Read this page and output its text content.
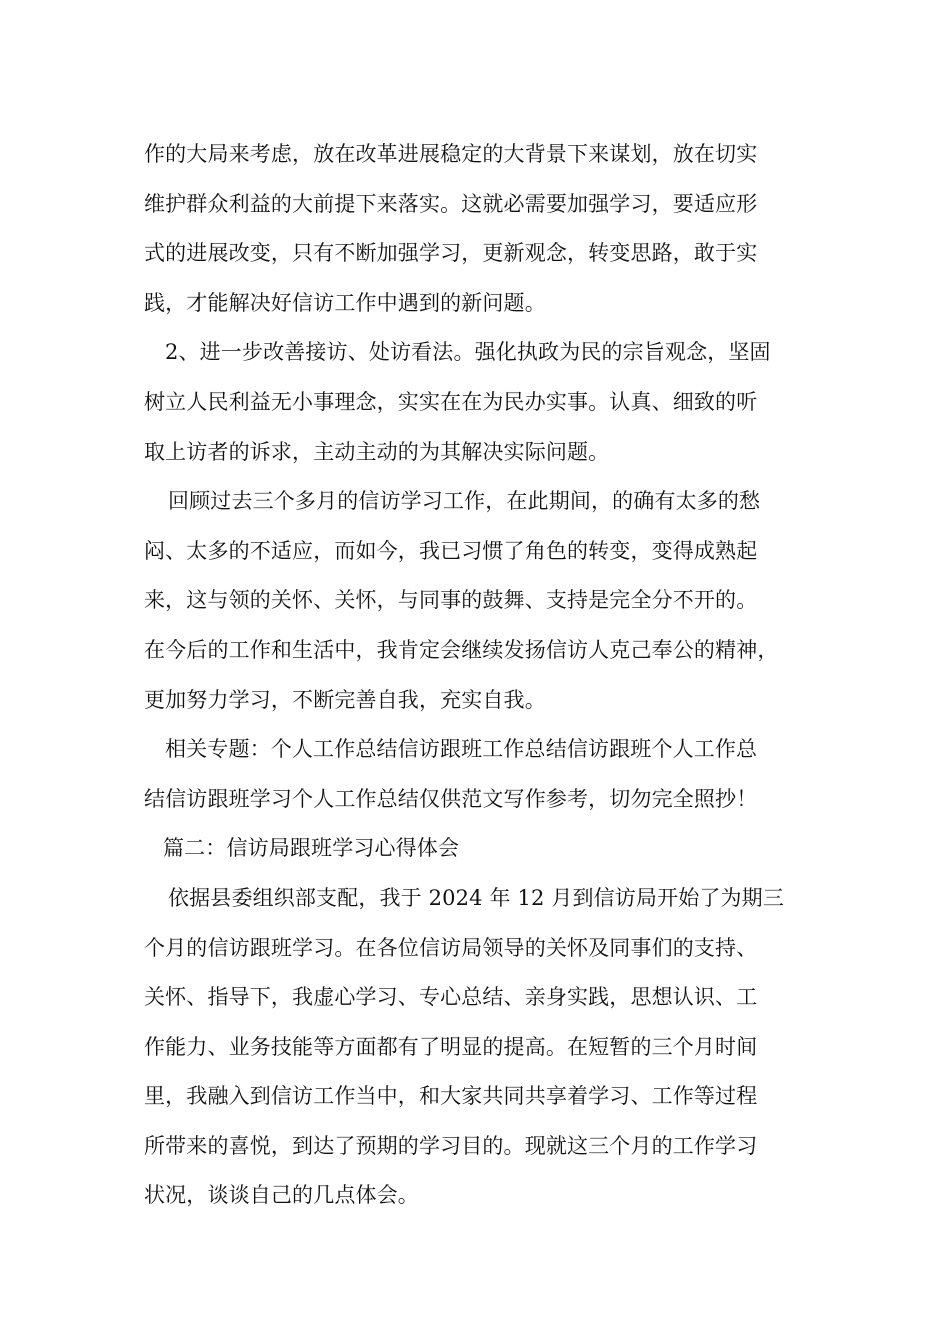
作的大局来考虑，放在改革进展稳定的大背景下来谋划，放在切实
维护群众利益的大前提下来落实。这就必需要加强学习，要适应形
式的进展改变，只有不断加强学习，更新观念，转变思路，敢于实
践，才能解决好信访工作中遇到的新问题。
2、进一步改善接访、处访看法。强化执政为民的宗旨观念，坚固
树立人民利益无小事理念，实实在在为民办实事。认真、细致的听
取上访者的诉求，主动主动的为其解决实际问题。
回顾过去三个多月的信访学习工作，在此期间，的确有太多的愁
闷、太多的不适应，而如今，我已习惯了角色的转变，变得成熟起
来，这与领的关怀、关怀，与同事的鼓舞、支持是完全分不开的。
在今后的工作和生活中，我肯定会继续发扬信访人克己奉公的精神，
更加努力学习，不断完善自我，充实自我。
相关专题：个人工作总结信访跟班工作总结信访跟班个人工作总
结信访跟班学习个人工作总结仅供范文写作参考，切勿完全照抄！
篇二：信访局跟班学习心得体会
依据县委组织部支配，我于 2024 年 12 月到信访局开始了为期三
个月的信访跟班学习。在各位信访局领导的关怀及同事们的支持、
关怀、指导下，我虚心学习、专心总结、亲身实践，思想认识、工
作能力、业务技能等方面都有了明显的提高。在短暂的三个月时间
里，我融入到信访工作当中，和大家共同共享着学习、工作等过程
所带来的喜悦，到达了预期的学习目的。现就这三个月的工作学习
状况，谈谈自己的几点体会。
